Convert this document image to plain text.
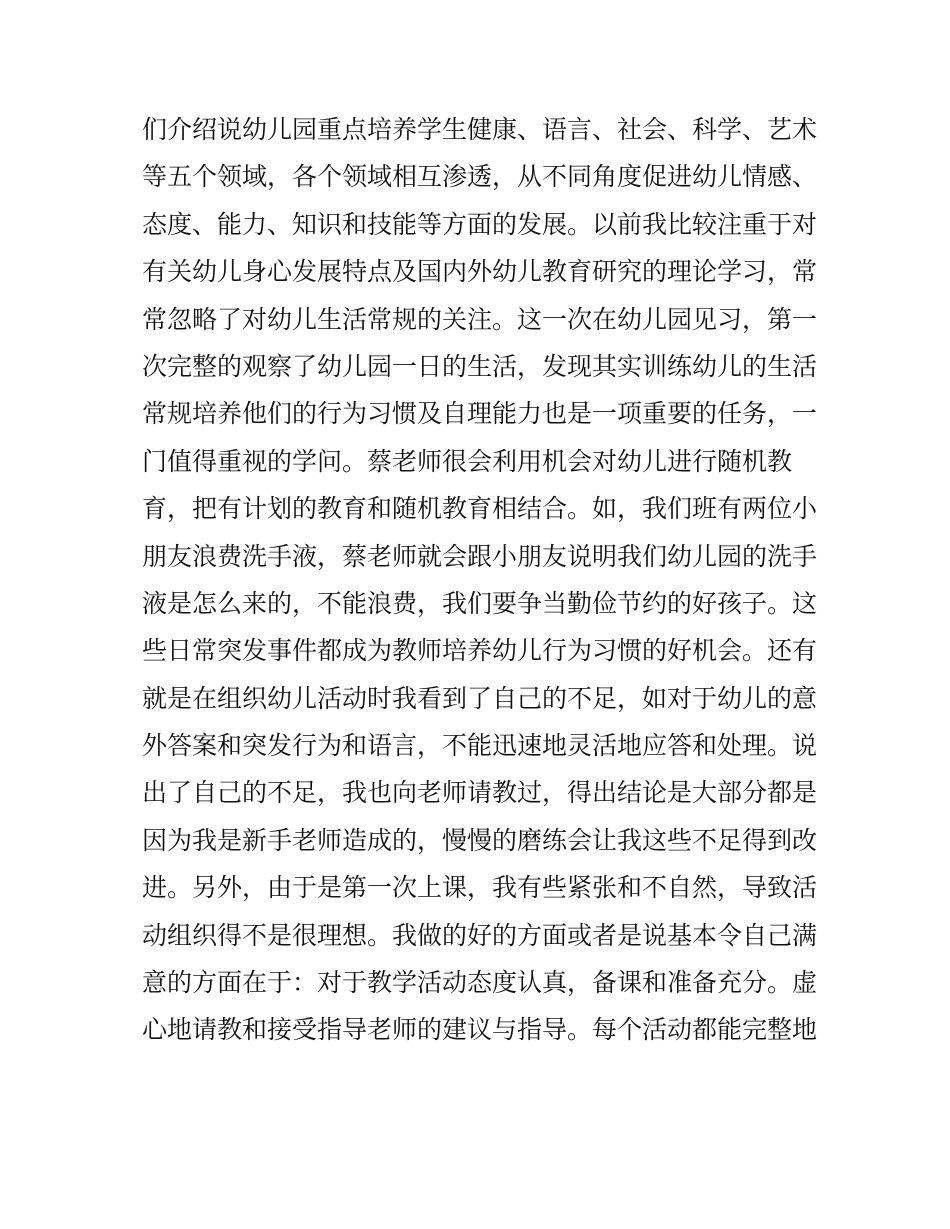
们介绍说幼儿园重点培养学生健康、语言、社会、科学、艺术
等五个领域，各个领域相互渗透，从不同角度促进幼儿情感、
态度、能力、知识和技能等方面的发展。以前我比较注重于对
有关幼儿身心发展特点及国内外幼儿教育研究的理论学习，常
常忽略了对幼儿生活常规的关注。这一次在幼儿园见习，第一
次完整的观察了幼儿园一日的生活，发现其实训练幼儿的生活
常规培养他们的行为习惯及自理能力也是一项重要的任务，一
门值得重视的学问。蔡老师很会利用机会对幼儿进行随机教
育，把有计划的教育和随机教育相结合。如，我们班有两位小
朋友浪费洗手液，蔡老师就会跟小朋友说明我们幼儿园的洗手
液是怎么来的，不能浪费，我们要争当勤俭节约的好孩子。这
些日常突发事件都成为教师培养幼儿行为习惯的好机会。还有
就是在组织幼儿活动时我看到了自己的不足，如对于幼儿的意
外答案和突发行为和语言，不能迅速地灵活地应答和处理。说
出了自己的不足，我也向老师请教过，得出结论是大部分都是
因为我是新手老师造成的，慢慢的磨练会让我这些不足得到改
进。另外，由于是第一次上课，我有些紧张和不自然，导致活
动组织得不是很理想。我做的好的方面或者是说基本令自己满
意的方面在于：对于教学活动态度认真，备课和准备充分。虚
心地请教和接受指导老师的建议与指导。每个活动都能完整地
